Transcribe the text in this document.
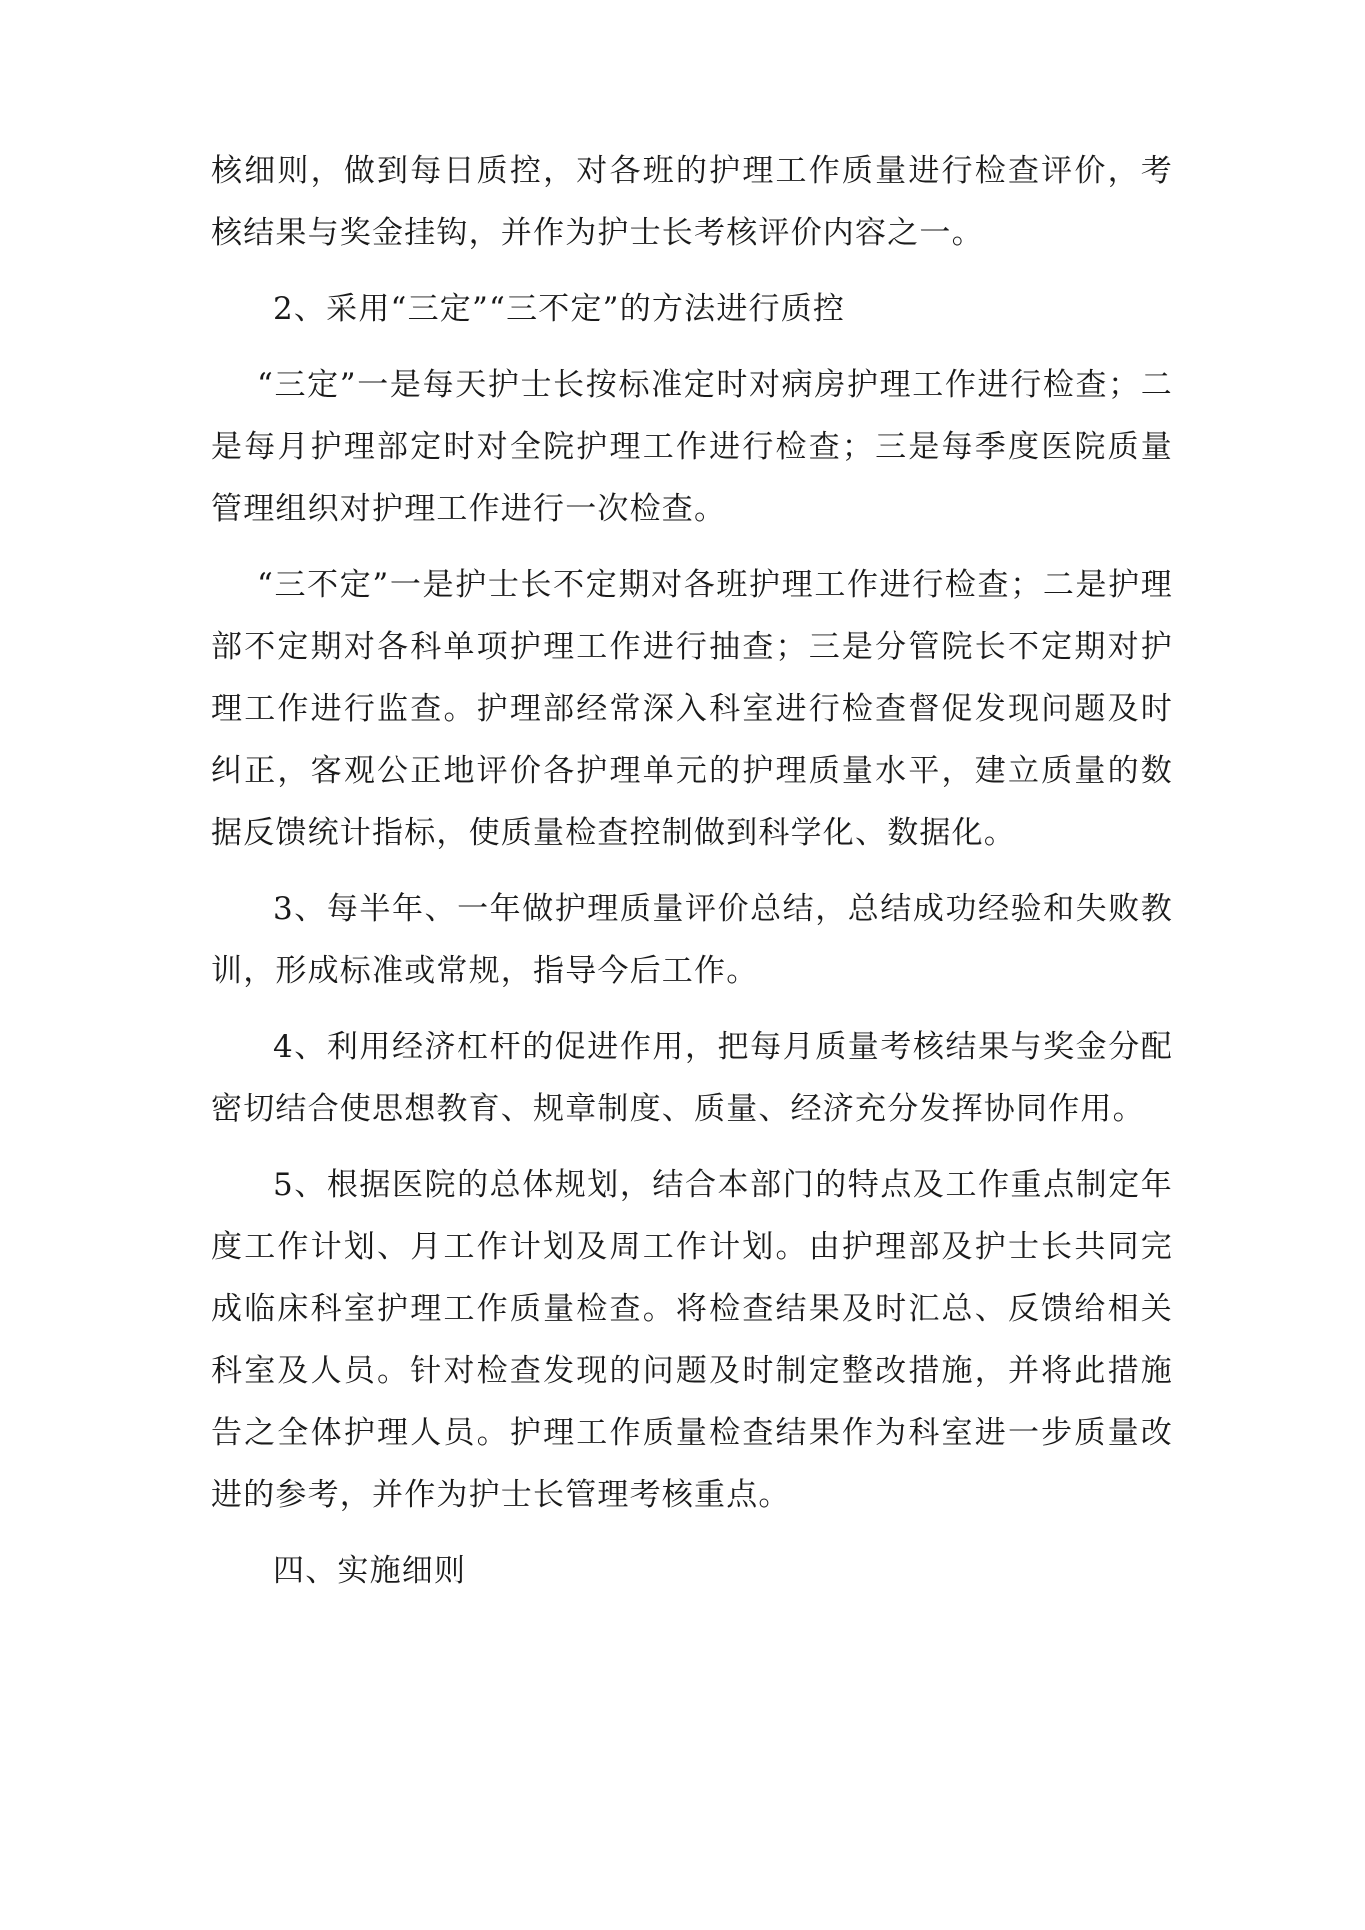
核细则，做到每日质控，对各班的护理工作质量进行检查评价，考核结果与奖金挂钩，并作为护士长考核评价内容之一。

2、采用“三定”“三不定”的方法进行质控

“三定”一是每天护士长按标准定时对病房护理工作进行检查；二是每月护理部定时对全院护理工作进行检查；三是每季度医院质量管理组织对护理工作进行一次检查。

“三不定”一是护士长不定期对各班护理工作进行检查；二是护理部不定期对各科单项护理工作进行抽查；三是分管院长不定期对护理工作进行监查。护理部经常深入科室进行检查督促发现问题及时纠正，客观公正地评价各护理单元的护理质量水平，建立质量的数据反馈统计指标，使质量检查控制做到科学化、数据化。

3、每半年、一年做护理质量评价总结，总结成功经验和失败教训，形成标准或常规，指导今后工作。

4、利用经济杠杆的促进作用，把每月质量考核结果与奖金分配密切结合使思想教育、规章制度、质量、经济充分发挥协同作用。

5、根据医院的总体规划，结合本部门的特点及工作重点制定年度工作计划、月工作计划及周工作计划。由护理部及护士长共同完成临床科室护理工作质量检查。将检查结果及时汇总、反馈给相关科室及人员。针对检查发现的问题及时制定整改措施，并将此措施告之全体护理人员。护理工作质量检查结果作为科室进一步质量改进的参考，并作为护士长管理考核重点。

四、实施细则
